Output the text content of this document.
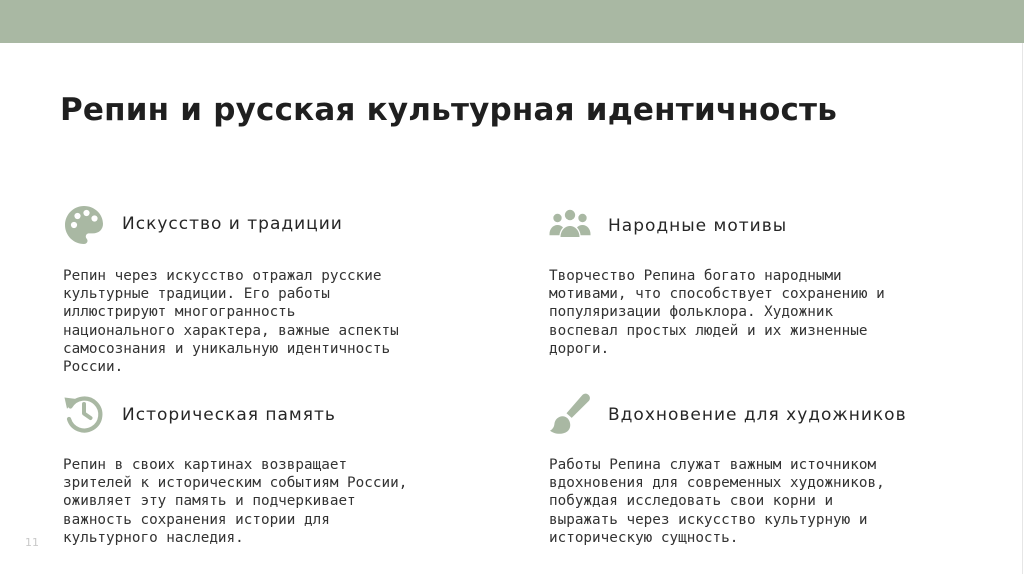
Репин и русская культурная идентичность
Искусство и традиции
Репин через искусство отражал русские
культурные традиции. Его работы
иллюстрируют многогранность
национального характера, важные аспекты
самосознания и уникальную идентичность
России.
Народные мотивы
Творчество Репина богато народными
мотивами, что способствует сохранению и
популяризации фольклора. Художник
воспевал простых людей и их жизненные
дороги.
Историческая память
Репин в своих картинах возвращает
зрителей к историческим событиям России,
оживляет эту память и подчеркивает
важность сохранения истории для
культурного наследия.
Вдохновение для художников
Работы Репина служат важным источником
вдохновения для современных художников,
побуждая исследовать свои корни и
выражать через искусство культурную и
историческую сущность.
11
